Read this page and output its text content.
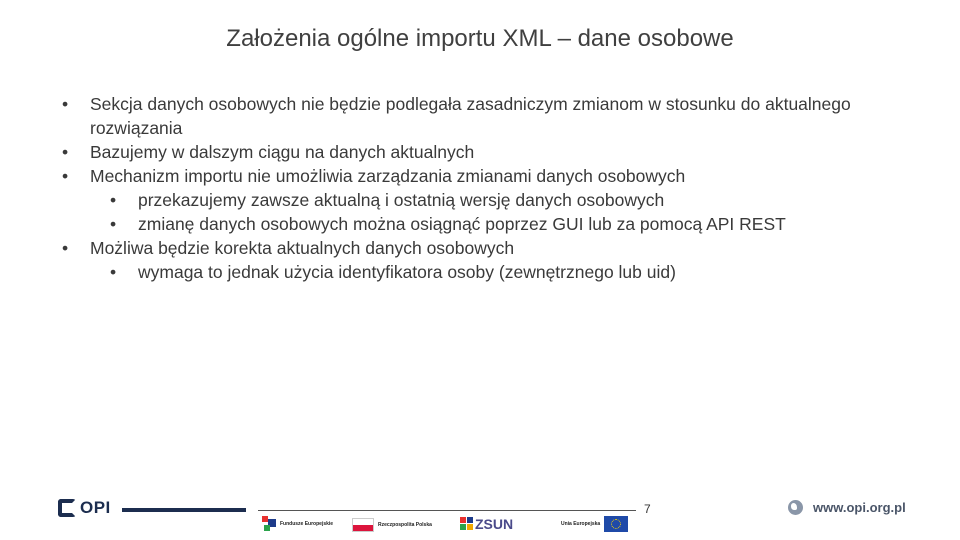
Założenia ogólne importu XML – dane osobowe
• Sekcja danych osobowych nie będzie podlegała zasadniczym zmianom w stosunku do aktualnego rozwiązania
• Bazujemy w dalszym ciągu na danych aktualnych
• Mechanizm importu nie umożliwia zarządzania zmianami danych osobowych
• przekazujemy zawsze aktualną i ostatnią wersję danych osobowych
• zmianę danych osobowych można osiągnąć poprzez GUI lub za pomocą API REST
• Możliwa będzie korekta aktualnych danych osobowych
• wymaga to jednak użycia identyfikatora osoby (zewnętrznego lub uid)
OPI	7
Fundusze Europejskie	Rzeczpospolita Polska	ZSUN	Unia Europejska
www.opi.org.pl
